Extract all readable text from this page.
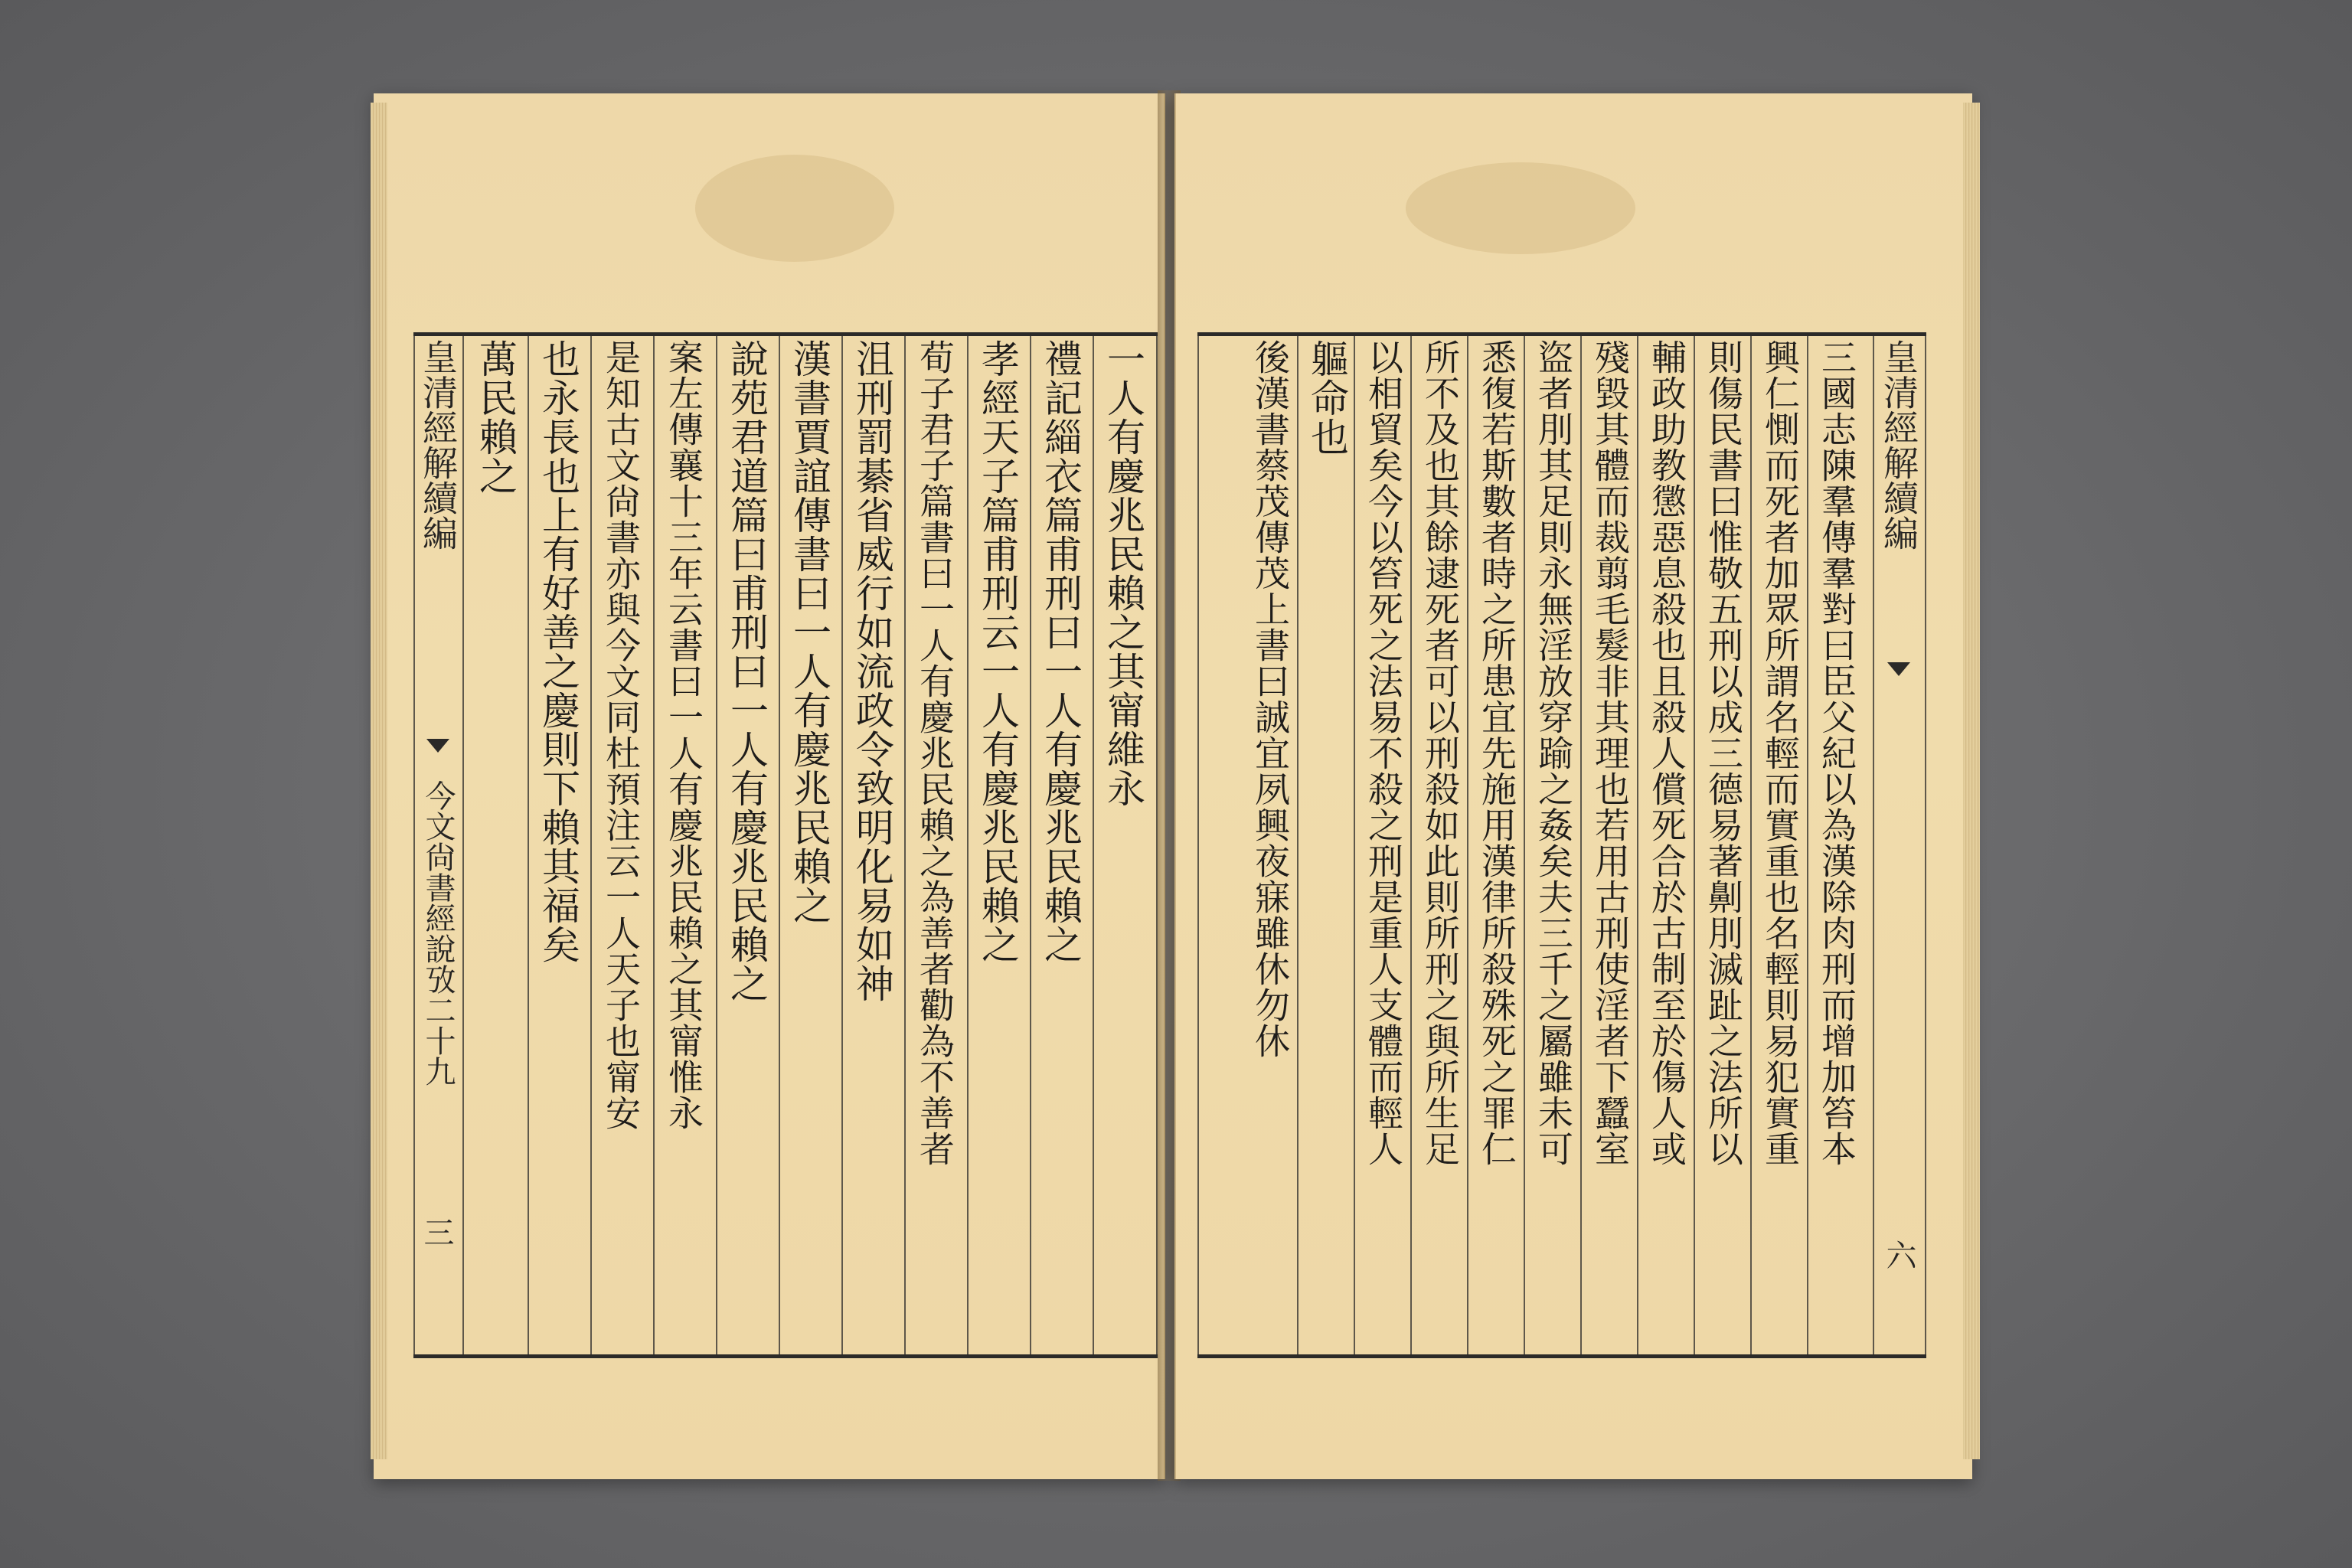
皇清經解續編
今文尙書經說攷二十九
三
一人有慶兆民賴之其甯維永
禮記緇衣篇甫刑曰一人有慶兆民賴之
孝經天子篇甫刑云一人有慶兆民賴之
荀子君子篇書曰一人有慶兆民賴之為善者勸為不善者
沮刑罰綦省威行如流政令致明化易如神
漢書賈誼傳書曰一人有慶兆民賴之
說苑君道篇曰甫刑曰一人有慶兆民賴之
案左傳襄十三年云書曰一人有慶兆民賴之其甯惟永
是知古文尙書亦與今文同杜預注云一人天子也甯安
也永長也上有好善之慶則下賴其福矣
萬民賴之	三國志陳羣傳羣對曰臣父紀以為漢除肉刑而增加笞本
興仁惻而死者加眾所謂名輕而實重也名輕則易犯實重
則傷民書曰惟敬五刑以成三德易著劓刖滅趾之法所以
輔政助教懲惡息殺也且殺人償死合於古制至於傷人或
殘毀其體而裁翦毛髮非其理也若用古刑使淫者下蠶室
盜者刖其足則永無淫放穿踰之姦矣夫三千之屬雖未可
悉復若斯數者時之所患宜先施用漢律所殺殊死之罪仁
所不及也其餘逮死者可以刑殺如此則所刑之與所生足
以相貿矣今以笞死之法易不殺之刑是重人支體而輕人
軀命也
後漢書蔡茂傳茂上書曰誠宜夙興夜寐雖休勿休	皇清經解續編
六
